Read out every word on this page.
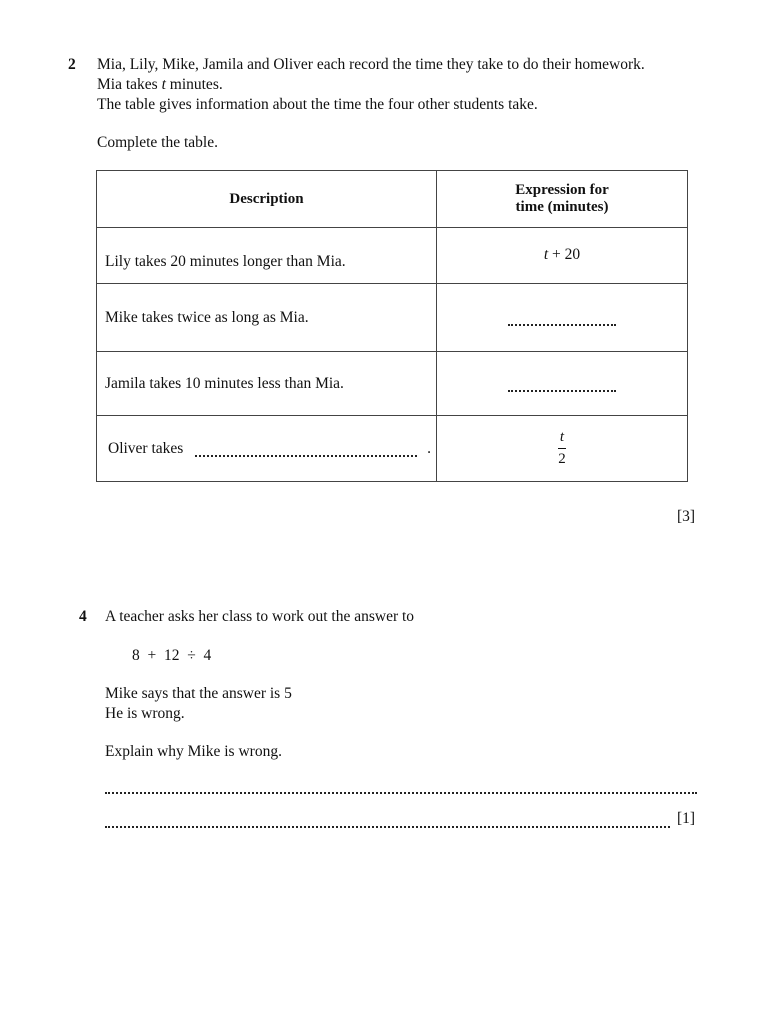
2 Mia, Lily, Mike, Jamila and Oliver each record the time they take to do their homework.
Mia takes t minutes.
The table gives information about the time the four other students take.
Complete the table.
Description	Expression for
time (minutes)

Lily takes 20 minutes longer than Mia.	t + 20
Mike takes twice as long as Mia.	

Jamila takes 10 minutes less than Mia.	

Oliver takes .	$\frac{t}{2}$
[3]
4 A teacher asks her class to work out the answer to
8  +  12  ÷  4
Mike says that the answer is 5
He is wrong.
Explain why Mike is wrong.
[1]
